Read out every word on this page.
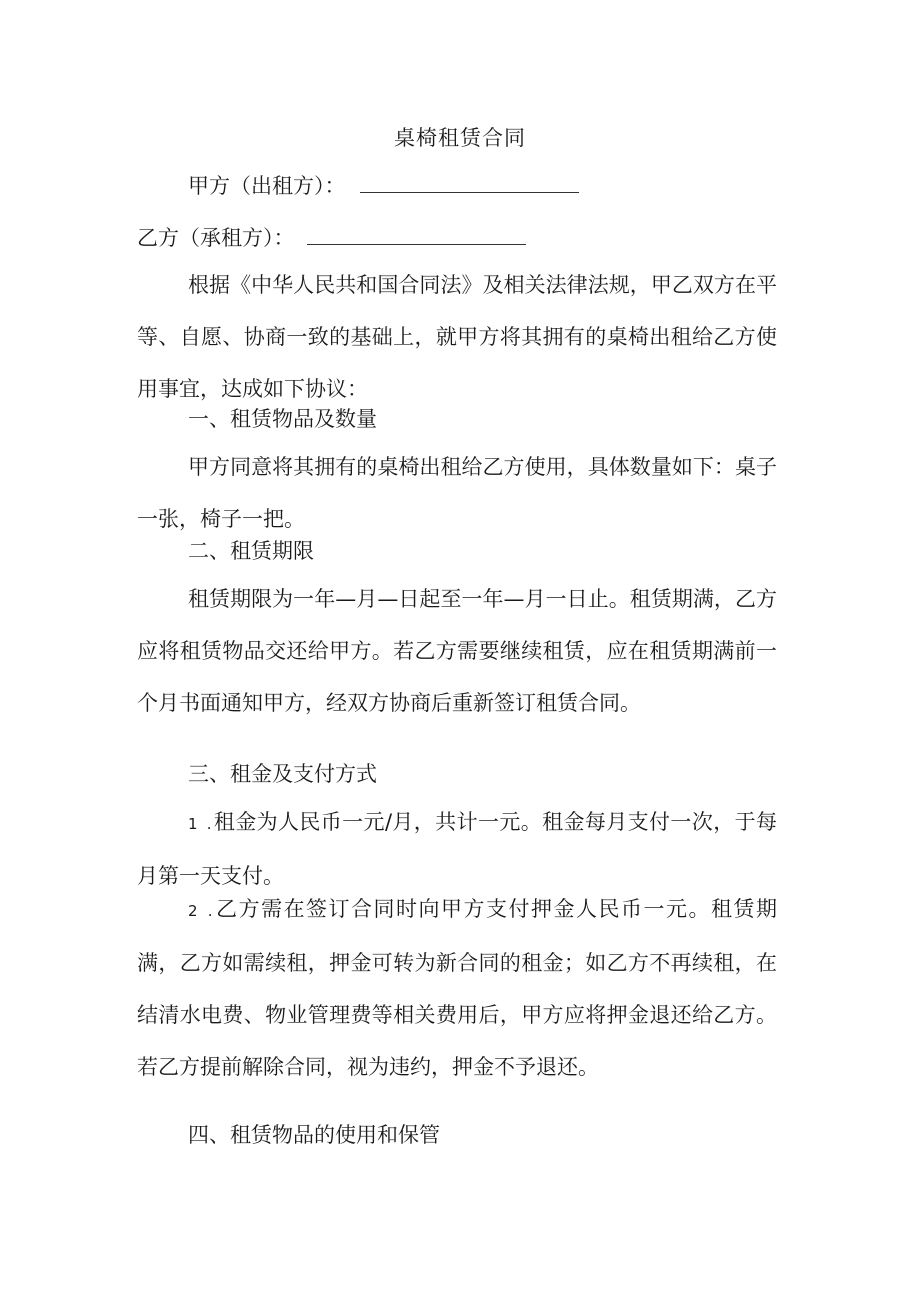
桌椅租赁合同
甲方（出租方）：
乙方（承租方）：
根据《中华人民共和国合同法》及相关法律法规，甲乙双方在平等、自愿、协商一致的基础上，就甲方将其拥有的桌椅出租给乙方使用事宜，达成如下协议：
一、租赁物品及数量
甲方同意将其拥有的桌椅出租给乙方使用，具体数量如下：桌子一张，椅子一把。
二、租赁期限
租赁期限为一年—月—日起至一年—月一日止。租赁期满，乙方应将租赁物品交还给甲方。若乙方需要继续租赁，应在租赁期满前一个月书面通知甲方，经双方协商后重新签订租赁合同。
三、租金及支付方式
1 .租金为人民币一元/月，共计一元。租金每月支付一次，于每月第一天支付。
2 .乙方需在签订合同时向甲方支付押金人民币一元。租赁期满，乙方如需续租，押金可转为新合同的租金；如乙方不再续租，在结清水电费、物业管理费等相关费用后，甲方应将押金退还给乙方。若乙方提前解除合同，视为违约，押金不予退还。
四、租赁物品的使用和保管
